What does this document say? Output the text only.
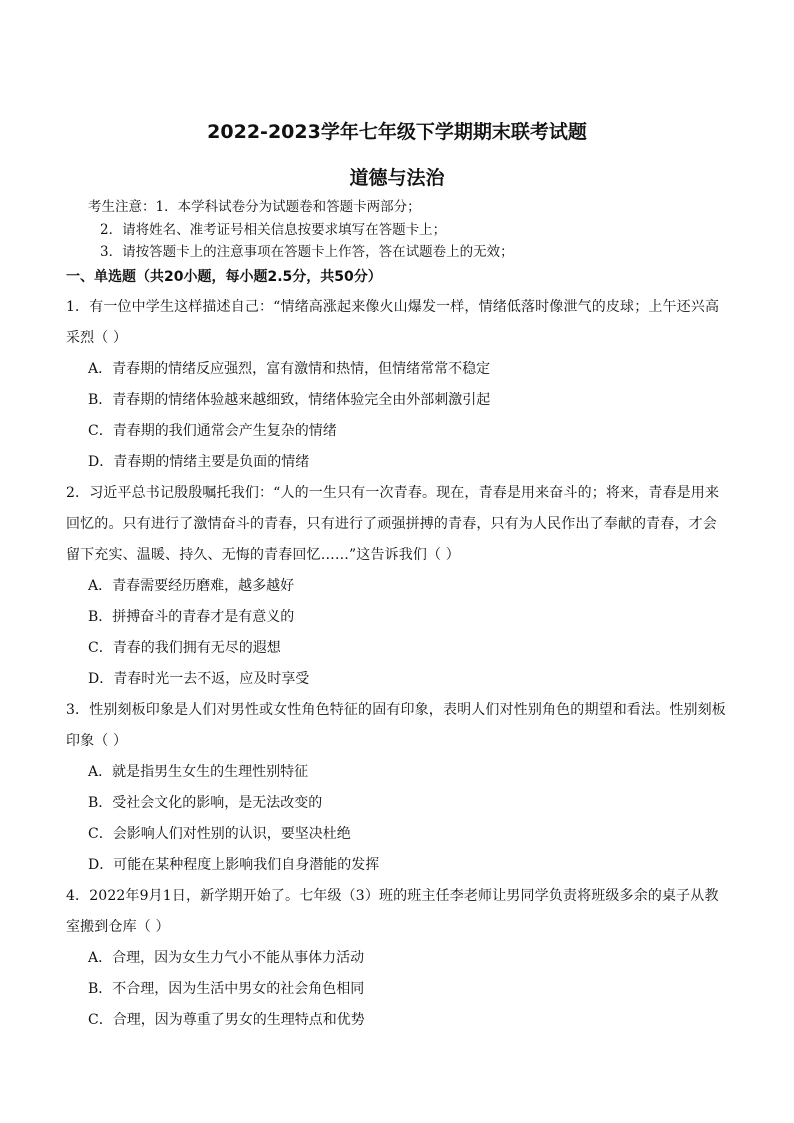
2022-2023学年七年级下学期期末联考试题
道德与法治
考生注意：1．本学科试卷分为试题卷和答题卡两部分；
2．请将姓名、准考证号相关信息按要求填写在答题卡上；
3．请按答题卡上的注意事项在答题卡上作答，答在试题卷上的无效；
一、单选题（共20小题，每小题2.5分，共50分）
1．有一位中学生这样描述自己：“情绪高涨起来像火山爆发一样，情绪低落时像泄气的皮球；上午还兴高采烈（ ）
A．青春期的情绪反应强烈，富有激情和热情，但情绪常常不稳定
B．青春期的情绪体验越来越细致，情绪体验完全由外部刺激引起
C．青春期的我们通常会产生复杂的情绪
D．青春期的情绪主要是负面的情绪
2．习近平总书记殷殷嘱托我们：“人的一生只有一次青春。现在，青春是用来奋斗的；将来，青春是用来回忆的。只有进行了激情奋斗的青春，只有进行了顽强拼搏的青春，只有为人民作出了奉献的青春，才会留下充实、温暖、持久、无悔的青春回忆……”这告诉我们（ ）
A．青春需要经历磨难，越多越好
B．拼搏奋斗的青春才是有意义的
C．青春的我们拥有无尽的遐想
D．青春时光一去不返，应及时享受
3．性别刻板印象是人们对男性或女性角色特征的固有印象，表明人们对性别角色的期望和看法。性别刻板印象（ ）
A．就是指男生女生的生理性别特征
B．受社会文化的影响，是无法改变的
C．会影响人们对性别的认识，要坚决杜绝
D．可能在某种程度上影响我们自身潜能的发挥
4．2022年9月1日，新学期开始了。七年级（3）班的班主任李老师让男同学负责将班级多余的桌子从教室搬到仓库（ ）
A．合理，因为女生力气小不能从事体力活动
B．不合理，因为生活中男女的社会角色相同
C．合理，因为尊重了男女的生理特点和优势
